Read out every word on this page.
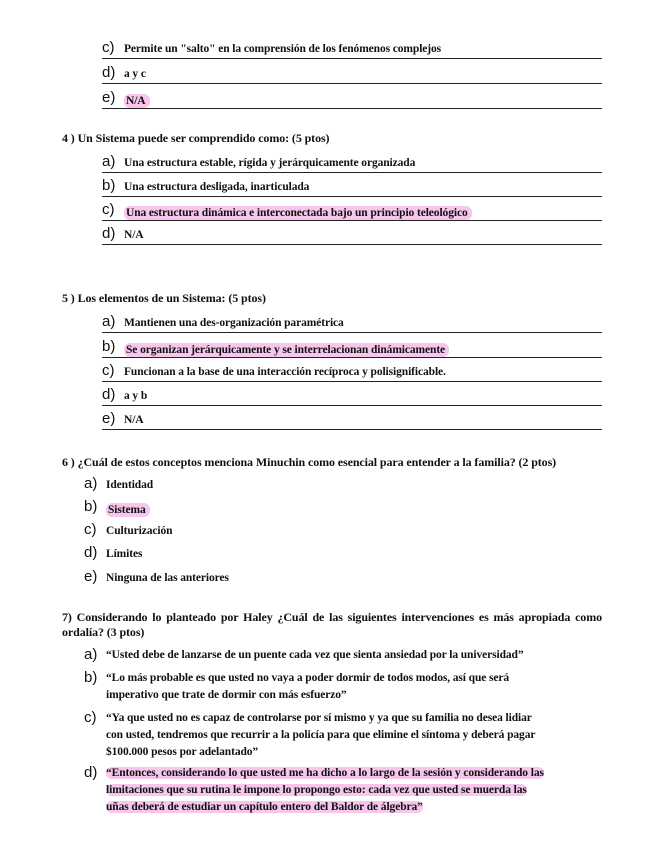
c) Permite un "salto" en la comprensión de los fenómenos complejos
d) a y c
e) N/A
4 ) Un Sistema puede ser comprendido como: (5 ptos)
a) Una estructura estable, rígida y jerárquicamente organizada
b) Una estructura desligada, inarticulada
c)	Una estructura dinámica e interconectada bajo un principio teleológico
d) N/A
5 ) Los elementos de un Sistema: (5 ptos)
a) Mantienen una des-organización paramétrica
b) Se organizan jerárquicamente y se interrelacionan dinámicamente
c) Funcionan a la base de una interacción recíproca y polisignificable.
d) a y b
e) N/A
6 ) ¿Cuál de estos conceptos menciona Minuchin como esencial para entender a la familia? (2 ptos)
a) Identidad
b) Sistema
c) Culturización
d) Límites
e) Ninguna de las anteriores
7) Considerando lo planteado por Haley ¿Cuál de las siguientes intervenciones es más apropiada como ordalía? (3 ptos)
a) “Usted debe de lanzarse de un puente cada vez que sienta ansiedad por la universidad”
b) “Lo más probable es que usted no vaya a poder dormir de todos modos, así que será
imperativo que trate de dormir con más esfuerzo”
c) “Ya que usted no es capaz de controlarse por sí mismo y ya que su familia no desea lidiar
con usted, tendremos que recurrir a la policía para que elimine el síntoma y deberá pagar
$100.000 pesos por adelantado”
d) “Entonces, considerando lo que usted me ha dicho a lo largo de la sesión y considerando las
limitaciones que su rutina le impone lo propongo esto: cada vez que usted se muerda las
uñas deberá de estudiar un capítulo entero del Baldor de álgebra”
